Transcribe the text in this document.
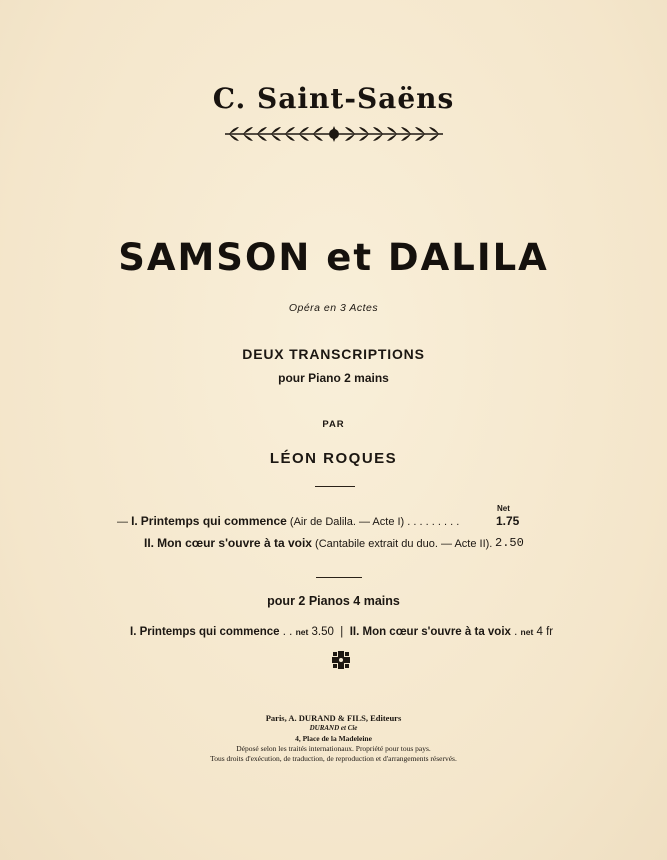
C. Saint-Saëns
SAMSON et DALILA
Opéra en 3 Actes
DEUX TRANSCRIPTIONS
pour Piano 2 mains
PAR
LÉON ROQUES
Net
— I. Printemps qui commence (Air de Dalila. — Acte I) . . . . . . . . .	1.75
II. Mon cœur s'ouvre à ta voix (Cantabile extrait du duo. — Acte II). 2.50
pour 2 Pianos 4 mains
I. Printemps qui commence . . net 3.50 | II. Mon cœur s'ouvre à ta voix . net 4 fr
Paris, A. DURAND & FILS, Editeurs
DURAND et Cie
4, Place de la Madeleine
Déposé selon les traités internationaux. Propriété pour tous pays.
Tous droits d'exécution, de traduction, de reproduction et d'arrangements réservés.
